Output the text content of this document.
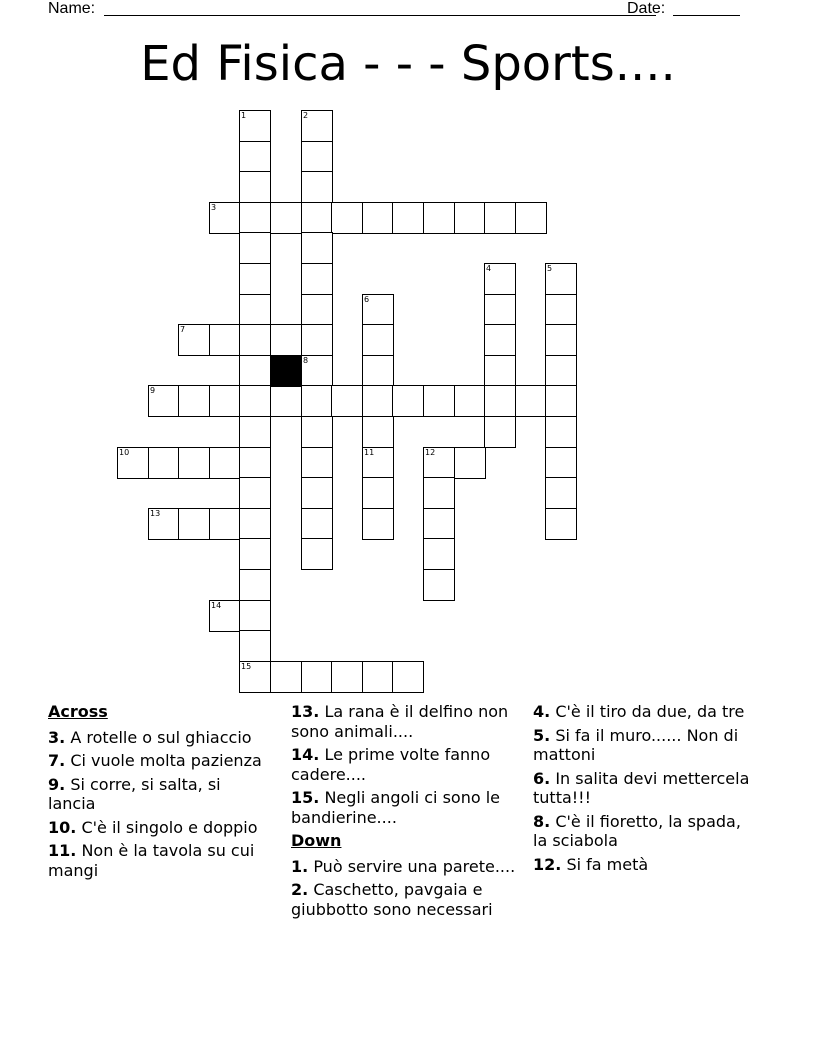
Name:	Date:
Ed Fisica - - - Sports....
1	2
3
4	5
6
7
8
9
10	11	12
13
14
15
Across
3. A rotelle o sul ghiaccio
7. Ci vuole molta pazienza
9. Si corre, si salta, si lancia
10. C'è il singolo e doppio
11. Non è la tavola su cui mangi
13. La rana è il delfino non sono animali....
14. Le prime volte fanno cadere....
15. Negli angoli ci sono le bandierine....
Down
1. Può servire una parete....
2. Caschetto, pavgaia e giubbotto sono necessari
4. C'è il tiro da due, da tre
5. Si fa il muro...... Non di mattoni
6. In salita devi mettercela tutta!!!
8. C'è il fioretto, la spada, la sciabola
12. Si fa metà
